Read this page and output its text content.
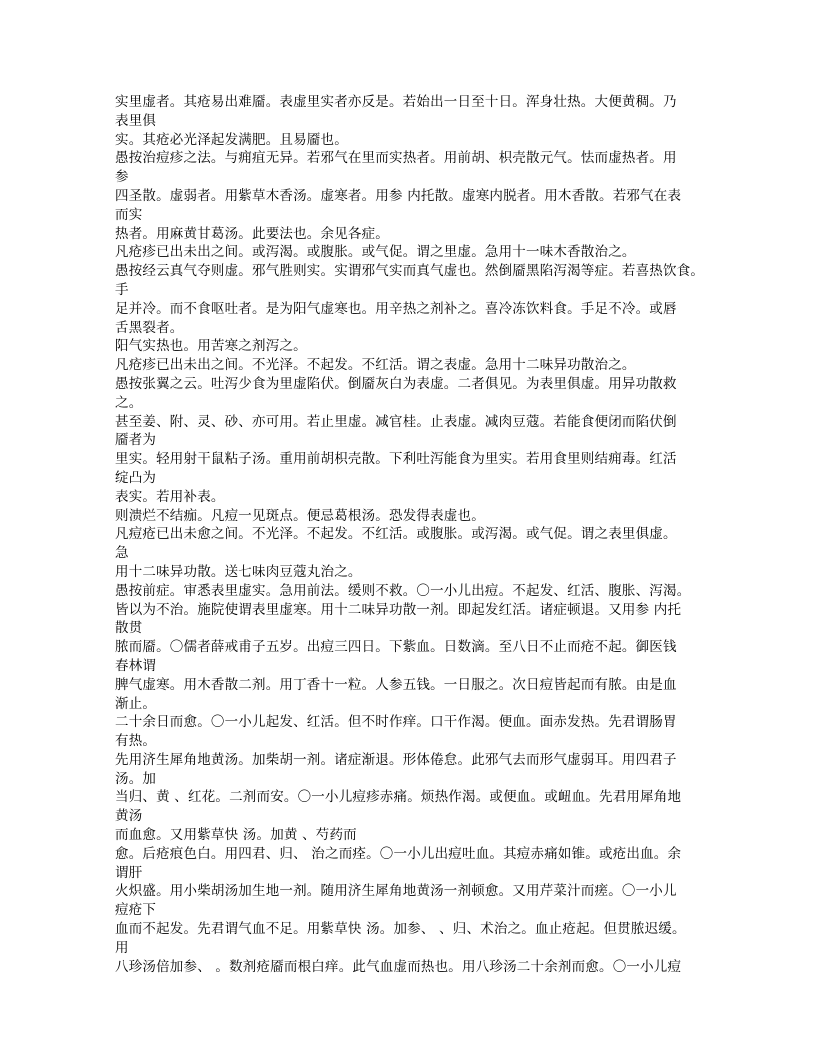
实里虚者。其疮易出难靥。表虚里实者亦反是。若始出一日至十日。浑身壮热。大便黄稠。乃
表里俱
实。其疮必光泽起发满肥。且易靥也。
愚按治痘疹之法。与痈疽无异。若邪气在里而实热者。用前胡、枳壳散元气。怯而虚热者。用
参
四圣散。虚弱者。用紫草木香汤。虚寒者。用参 内托散。虚寒内脱者。用木香散。若邪气在表
而实
热者。用麻黄甘葛汤。此要法也。余见各症。
凡疮疹已出未出之间。或泻渴。或腹胀。或气促。谓之里虚。急用十一味木香散治之。
愚按经云真气夺则虚。邪气胜则实。实谓邪气实而真气虚也。然倒靥黑陷泻渴等症。若喜热饮食。
手
足并冷。而不食呕吐者。是为阳气虚寒也。用辛热之剂补之。喜冷冻饮料食。手足不冷。或唇
舌黑裂者。
阳气实热也。用苦寒之剂泻之。
凡疮疹已出未出之间。不光泽。不起发。不红活。谓之表虚。急用十二味异功散治之。
愚按张翼之云。吐泻少食为里虚陷伏。倒靥灰白为表虚。二者俱见。为表里俱虚。用异功散救
之。
甚至姜、附、灵、砂、亦可用。若止里虚。减官桂。止表虚。减肉豆蔻。若能食便闭而陷伏倒
靥者为
里实。轻用射干鼠粘子汤。重用前胡枳壳散。下利吐泻能食为里实。若用食里则结痈毒。红活
绽凸为
表实。若用补表。
则溃烂不结痂。凡痘一见斑点。便忌葛根汤。恐发得表虚也。
凡痘疮已出未愈之间。不光泽。不起发。不红活。或腹胀。或泻渴。或气促。谓之表里俱虚。
急
用十二味异功散。送七味肉豆蔻丸治之。
愚按前症。审悉表里虚实。急用前法。缓则不救。〇一小儿出痘。不起发、红活、腹胀、泻渴。
皆以为不治。施院使谓表里虚寒。用十二味异功散一剂。即起发红活。诸症顿退。又用参 内托
散贯
脓而靥。〇儒者薛戒甫子五岁。出痘三四日。下紫血。日数滴。至八日不止而疮不起。御医钱
春林谓
脾气虚寒。用木香散二剂。用丁香十一粒。人参五钱。一日服之。次日痘皆起而有脓。由是血
渐止。
二十余日而愈。〇一小儿起发、红活。但不时作痒。口干作渴。便血。面赤发热。先君谓肠胃
有热。
先用济生犀角地黄汤。加柴胡一剂。诸症渐退。形体倦怠。此邪气去而形气虚弱耳。用四君子
汤。加
当归、黄 、红花。二剂而安。〇一小儿痘疹赤痛。烦热作渴。或便血。或衄血。先君用犀角地
黄汤
而血愈。又用紫草快 汤。加黄 、芍药而
愈。后疮痕色白。用四君、归、 治之而痊。〇一小儿出痘吐血。其痘赤痛如锥。或疮出血。余
谓肝
火炽盛。用小柴胡汤加生地一剂。随用济生犀角地黄汤一剂顿愈。又用芹菜汁而瘥。〇一小儿
痘疮下
血而不起发。先君谓气血不足。用紫草快 汤。加参、 、归、术治之。血止疮起。但贯脓迟缓。
用
八珍汤倍加参、 。数剂疮靥而根白痒。此气血虚而热也。用八珍汤二十余剂而愈。〇一小儿痘
